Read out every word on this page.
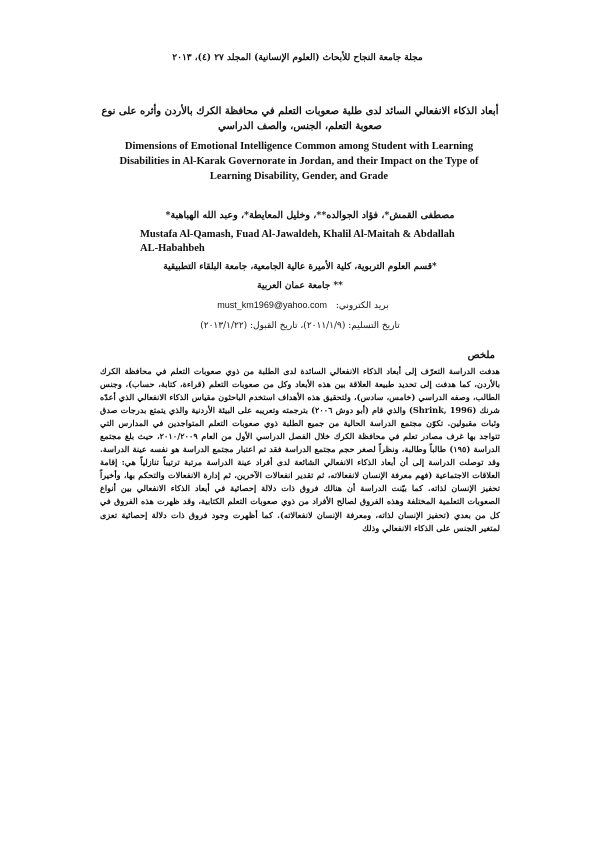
مجلة جامعة النجاح للأبحاث (العلوم الإنسانية) المجلد ٢٧ (٤)، ٢٠١٣
أبعاد الذكاء الانفعالي السائد لدى طلبة صعوبات التعلم في محافظة الكرك بالأردن وأثره على نوع صعوبة التعلم، الجنس، والصف الدراسي
Dimensions of Emotional Intelligence Common among Student with Learning Disabilities in Al-Karak Governorate in Jordan, and their Impact on the Type of Learning Disability, Gender, and Grade
مصطفى القمش*، فؤاد الجوالده**، وخليل المعايطة*، وعبد الله الهباهبة*
Mustafa Al-Qamash, Fuad Al-Jawaldeh, Khalil Al-Maitah & Abdallah AL-Habahbeh
*قسم العلوم التربوية، كلية الأميرة عالية الجامعية، جامعة البلقاء التطبيقية
** جامعة عمان العربية
بريد الكتروني: must_km1969@yahoo.com
تاريخ التسليم: (٢٠١١/١/٩)، تاريخ القبول: (٢٠١٣/١/٢٢)
ملخص
هدفت الدراسة التعرّف إلى أبعاد الذكاء الانفعالي السائدة لدى الطلبة من ذوي صعوبات التعلم في محافظة الكرك بالأردن، كما هدفت إلى تحديد طبيعة العلاقة بين هذه الأبعاد وكل من صعوبات التعلم (قراءة، كتابة، حساب)، وجنس الطالب، وصفه الدراسي (خامس، سادس)، ولتحقيق هذه الأهداف استخدم الباحثون مقياس الذكاء الانفعالي الذي أعدّه شرنك (Shrink, 1996) والذي قام (أبو دوش ٢٠٠٦) بترجمته وتعريبه على البيئة الأردنية والذي يتمتع بدرجات صدق وثبات مقبولين. تكوّن مجتمع الدراسة الحالية من جميع الطلبة ذوي صعوبات التعلم المتواجدين في المدارس التي تتواجد بها غرف مصادر تعلم في محافظة الكرك خلال الفصل الدراسي الأول من العام ٢٠١٠/٢٠٠٩، حيث بلغ مجتمع الدراسة (١٩٥) طالباً وطالبة، ونظراً لصغر حجم مجتمع الدراسة فقد تم اعتبار مجتمع الدراسة هو نفسه عينة الدراسة. وقد توصلت الدراسة إلى أن أبعاد الذكاء الانفعالي الشائعة لدى أفراد عينة الدراسة مرتبة ترتيباً تنازلياً هي: إقامة العلاقات الاجتماعية (فهم معرفة الإنسان لانفعالاته، ثم تقدير انفعالات الآخرين، ثم إدارة الانفعالات والتحكم بها، وأخيراً تحفيز الإنسان لذاته. كما بيّنت الدراسة أن هنالك فروق ذات دلالة إحصائية في أبعاد الذكاء الانفعالي بين أنواع الصعوبات التعلمية المختلفة وهذه الفروق لصالح الأفراد من ذوي صعوبات التعلم الكتابية، وقد ظهرت هذه الفروق في كل من بعدي (تحفيز الإنسان لذاته، ومعرفة الإنسان لانفعالاته). كما أظهرت وجود فروق ذات دلالة إحصائية تعزى لمتغير الجنس على الذكاء الانفعالي وذلك
